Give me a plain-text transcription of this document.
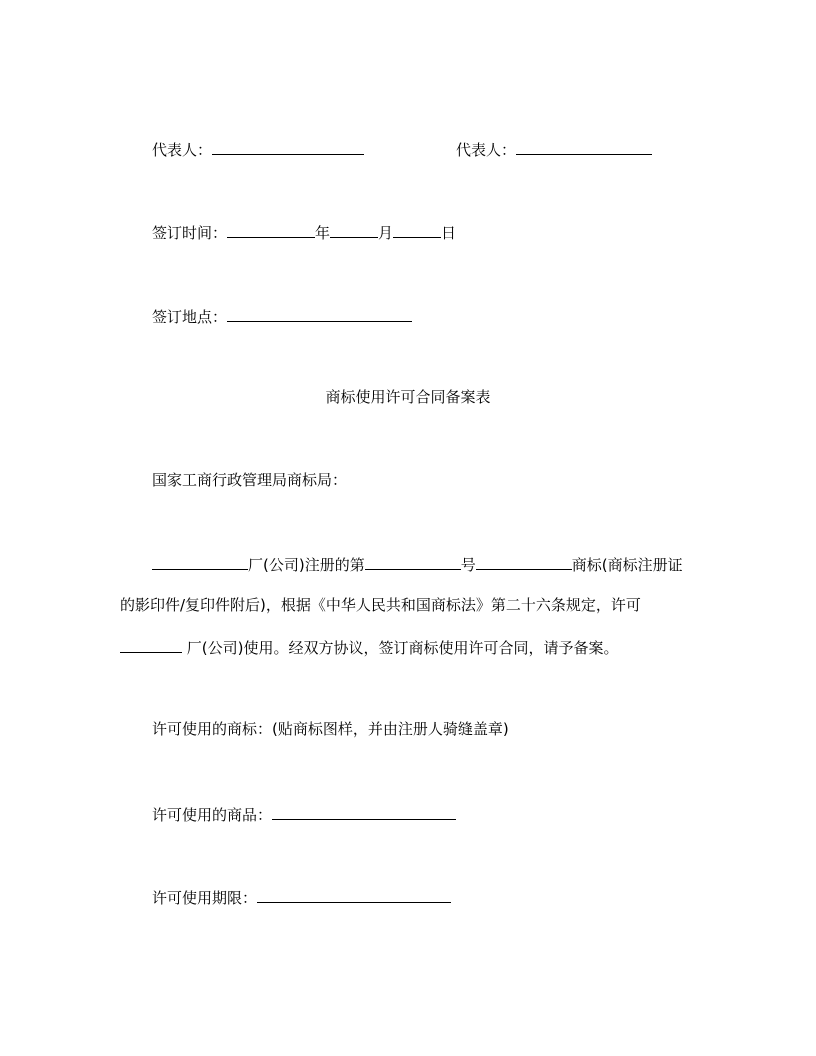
代表人：	代表人：
签订时间：	年	月	日
签订地点：
商标使用许可合同备案表
国家工商行政管理局商标局：
厂(公司)注册的第	号	商标(商标注册证
的影印件/复印件附后)，根据《中华人民共和国商标法》第二十六条规定，许可
厂(公司)使用。经双方协议，签订商标使用许可合同，请予备案。
许可使用的商标：(贴商标图样，并由注册人骑缝盖章)
许可使用的商品：
许可使用期限：
